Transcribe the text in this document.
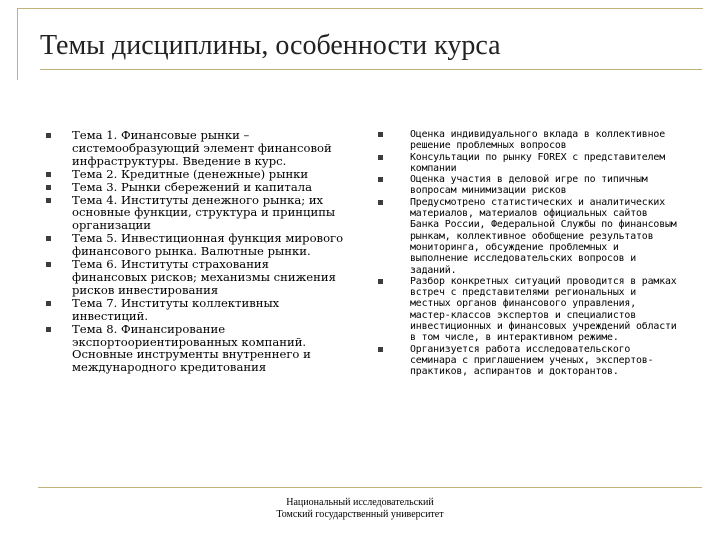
Темы дисциплины, особенности курса
Тема 1. Финансовые рынки – системообразующий элемент финансовой инфраструктуры. Введение в курс.
Тема 2. Кредитные (денежные) рынки
Тема 3. Рынки сбережений и капитала
Тема 4. Институты денежного рынка; их основные функции, структура и принципы организации
Тема 5. Инвестиционная функция мирового финансового рынка. Валютные рынки.
Тема 6. Институты страхования финансовых рисков; механизмы снижения рисков инвестирования
Тема 7. Институты коллективных инвестиций.
Тема 8. Финансирование экспортоориентированных компаний. Основные инструменты внутреннего и международного кредитования
Оценка индивидуального вклада в коллективное решение проблемных вопросов
Консультации по рынку FOREX с представителем компании
Оценка участия в деловой игре по типичным вопросам минимизации рисков
Предусмотрено статистических и аналитических материалов, материалов официальных сайтов Банка России, Федеральной Службы по финансовым рынкам, коллективное обобщение результатов мониторинга, обсуждение проблемных и выполнение исследовательских вопросов и заданий.
Разбор конкретных ситуаций проводится в рамках встреч с представителями региональных и местных органов финансового управления, мастер-классов экспертов и специалистов инвестиционных и финансовых учреждений области в том числе, в интерактивном режиме.
Организуется работа исследовательского семинара с приглашением ученых, экспертов-практиков, аспирантов и докторантов.
Национальный исследовательский
Томский государственный университет
